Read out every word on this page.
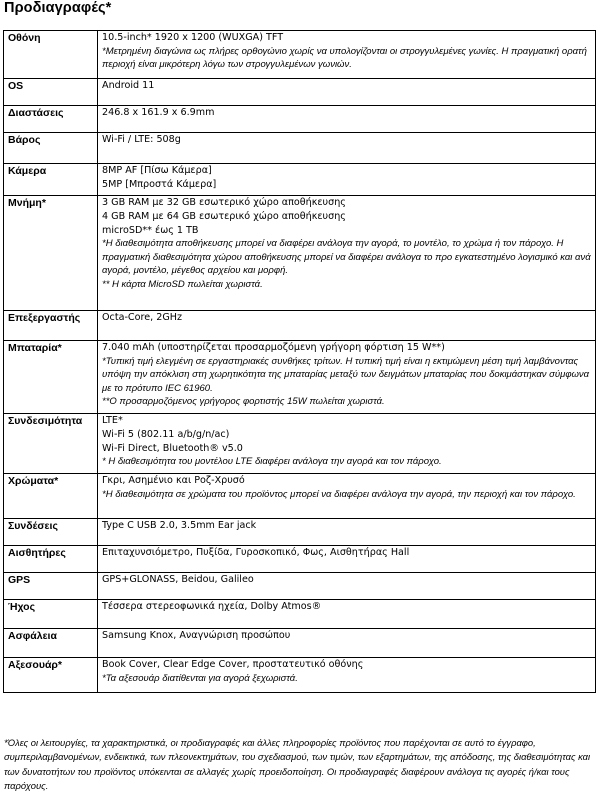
Προδιαγραφές*
Οθόνη	10.5-inch* 1920 x 1200 (WUXGA) TFT
*Μετρημένη διαγώνια ως πλήρες ορθογώνιο χωρίς να υπολογίζονται οι στρογγυλεμένες γωνίες. Η πραγματική ορατή περιοχή είναι μικρότερη λόγω των στρογγυλεμένων γωνιών.

OS	Android 11

Διαστάσεις	246.8 x 161.9 x 6.9mm

Βάρος	Wi-Fi / LTE: 508g

Κάμερα	8MP AF [Πίσω Κάμερα]
5MP [Μπροστά Κάμερα]

Μνήμη*	3 GB RAM με 32 GB εσωτερικό χώρο αποθήκευσης
4 GB RAM με 64 GB εσωτερικό χώρο αποθήκευσης
microSD** έως 1 TB
*Η διαθεσιμότητα αποθήκευσης μπορεί να διαφέρει ανάλογα την αγορά, το μοντέλο, το χρώμα ή τον πάροχο. Η πραγματική διαθεσιμότητα χώρου αποθήκευσης μπορεί να διαφέρει ανάλογα το προ εγκατεστημένο λογισμικό και ανά αγορά, μοντέλο, μέγεθος αρχείου και μορφή.
** Η κάρτα MicroSD πωλείται χωριστά.

Επεξεργαστής	Octa-Core, 2GHz

Μπαταρία*	7.040 mAh (υποστηρίζεται προσαρμοζόμενη γρήγορη φόρτιση 15 W**)
*Τυπική τιμή ελεγμένη σε εργαστηριακές συνθήκες τρίτων. Η τυπική τιμή είναι η εκτιμώμενη μέση τιμή λαμβάνοντας υπόψη την απόκλιση στη χωρητικότητα της μπαταρίας μεταξύ των δειγμάτων μπαταρίας που δοκιμάστηκαν σύμφωνα με το πρότυπο IEC 61960.
**Ο προσαρμοζόμενος γρήγορος φορτιστής 15W πωλείται χωριστά.

Συνδεσιμότητα	LTE*
Wi-Fi 5 (802.11 a/b/g/n/ac)
Wi-Fi Direct, Bluetooth® v5.0
* Η διαθεσιμότητα του μοντέλου LTE διαφέρει ανάλογα την αγορά και τον πάροχο.

Χρώματα*	Γκρι, Ασημένιο και Ροζ-Χρυσό
*Η διαθεσιμότητα σε χρώματα του προϊόντος μπορεί να διαφέρει ανάλογα την αγορά, την περιοχή και τον πάροχο.

Συνδέσεις	Type C USB 2.0, 3.5mm Ear jack

Αισθητήρες	Επιταχυνσιόμετρο, Πυξίδα, Γυροσκοπικό, Φως, Αισθητήρας Hall

GPS	GPS+GLONASS, Beidou, Galileo

Ήχος	Τέσσερα στερεοφωνικά ηχεία, Dolby Atmos®

Ασφάλεια	Samsung Knox, Αναγνώριση προσώπου

Αξεσουάρ*	Book Cover, Clear Edge Cover, προστατευτικό οθόνης
*Τα αξεσουάρ διατίθενται για αγορά ξεχωριστά.
*Όλες οι λειτουργίες, τα χαρακτηριστικά, οι προδιαγραφές και άλλες πληροφορίες προϊόντος που παρέχονται σε αυτό το έγγραφο, συμπεριλαμβανομένων, ενδεικτικά, των πλεονεκτημάτων, του σχεδιασμού, των τιμών, των εξαρτημάτων, της απόδοσης, της διαθεσιμότητας και των δυνατοτήτων του προϊόντος υπόκεινται σε αλλαγές χωρίς προειδοποίηση. Οι προδιαγραφές διαφέρουν ανάλογα τις αγορές ή/και τους παρόχους.
